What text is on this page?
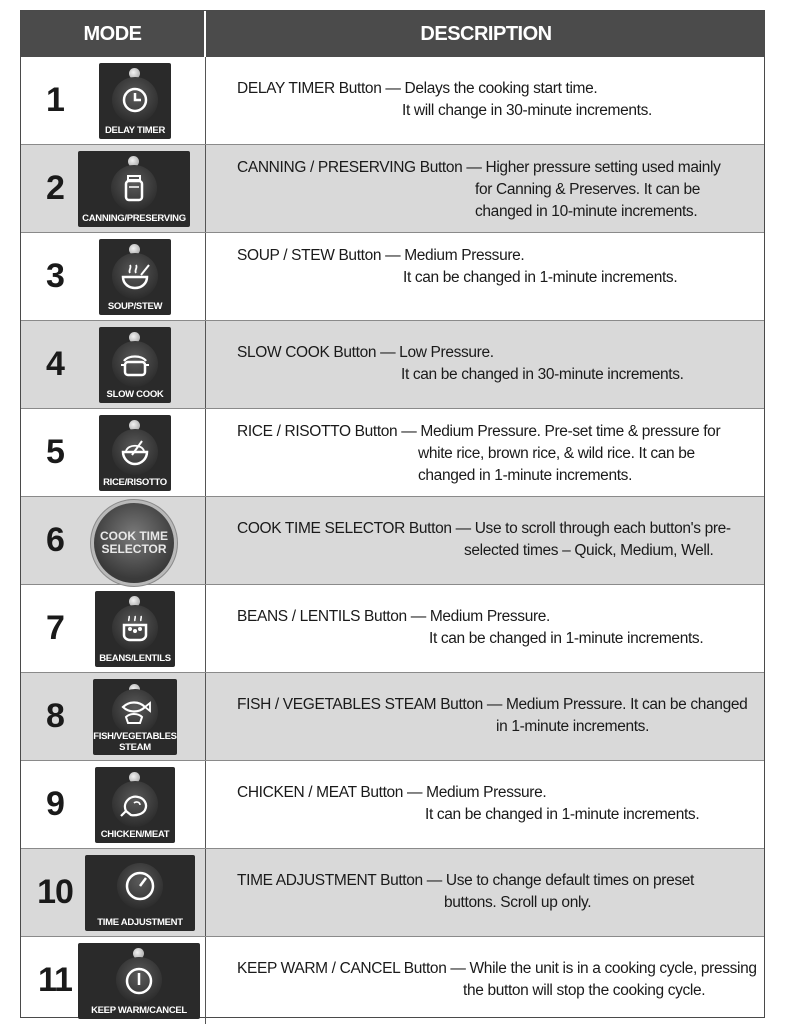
MODE	DESCRIPTION
1
DELAY TIMER
DELAY TIMER Button — Delays the cooking start time.
It will change in 30-minute increments.
2
CANNING/PRESERVING
CANNING / PRESERVING Button — Higher pressure setting used mainly
for Canning & Preserves. It can be
changed in 10-minute increments.
3
SOUP/STEW
SOUP / STEW Button — Medium Pressure.
It can be changed in 1-minute increments.
4
SLOW COOK
SLOW COOK Button — Low Pressure.
It can be changed in 30-minute increments.
5
RICE/RISOTTO
RICE / RISOTTO Button — Medium Pressure. Pre-set time & pressure for
white rice, brown rice, & wild rice. It can be
changed in 1-minute increments.
6	COOK TIME SELECTOR
COOK TIME SELECTOR Button — Use to scroll through each button's pre-
selected times – Quick, Medium, Well.
7
BEANS/LENTILS
BEANS / LENTILS Button — Medium Pressure.
It can be changed in 1-minute increments.
8
FISH/VEGETABLES STEAM
FISH / VEGETABLES STEAM Button — Medium Pressure. It can be changed
in 1-minute increments.
9
CHICKEN/MEAT
CHICKEN / MEAT Button — Medium Pressure.
It can be changed in 1-minute increments.
10
TIME ADJUSTMENT
TIME ADJUSTMENT Button — Use to change default times on preset
buttons. Scroll up only.
11
KEEP WARM/CANCEL
KEEP WARM / CANCEL Button — While the unit is in a cooking cycle, pressing
the button will stop the cooking cycle.
